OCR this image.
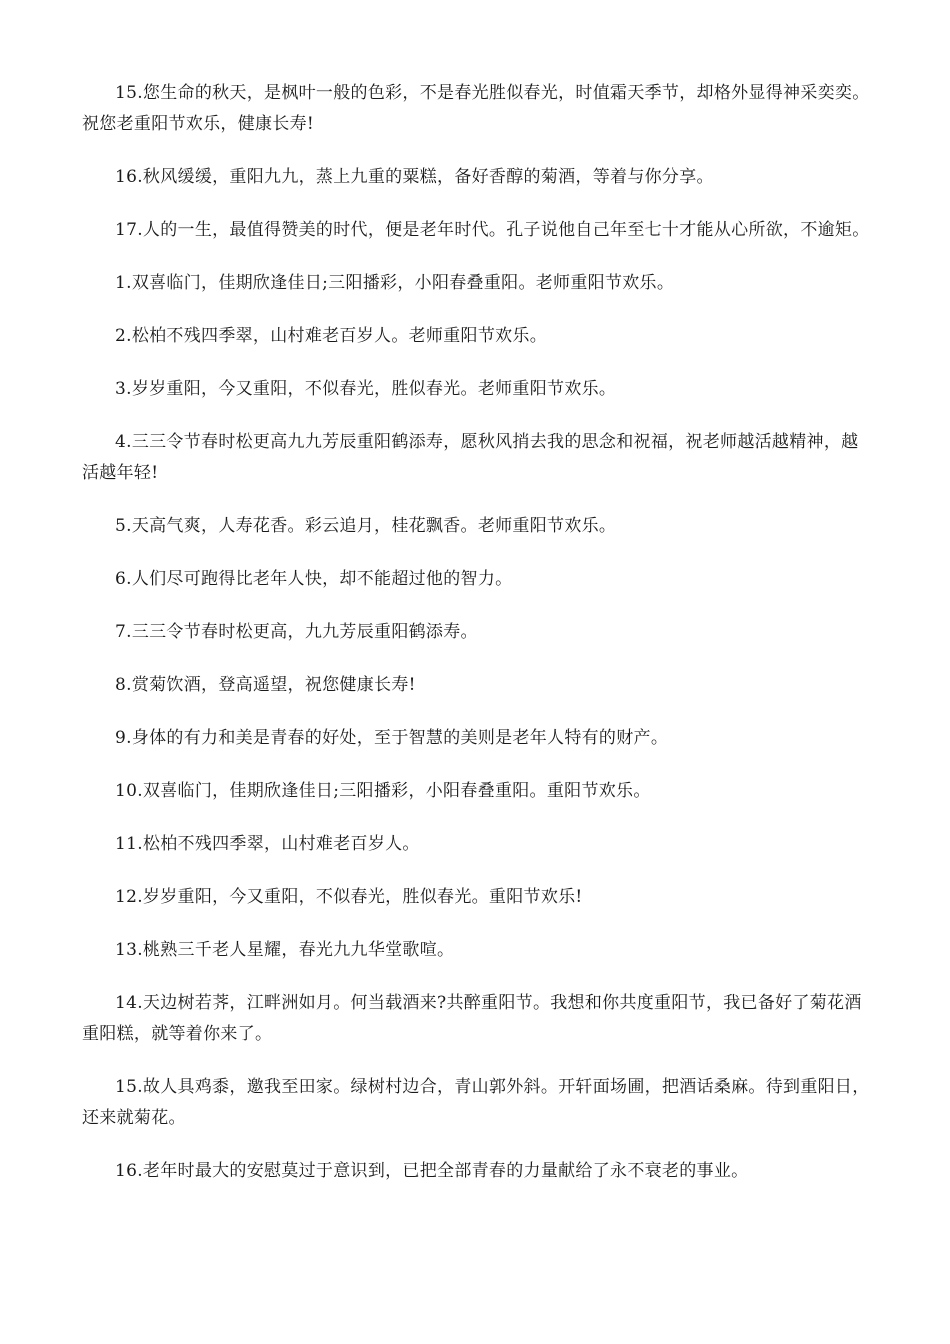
15.您生命的秋天，是枫叶一般的色彩，不是春光胜似春光，时值霜天季节，却格外显得神采奕奕。祝您老重阳节欢乐，健康长寿!

16.秋风缓缓，重阳九九，蒸上九重的粟糕，备好香醇的菊酒，等着与你分享。

17.人的一生，最值得赞美的时代，便是老年时代。孔子说他自己年至七十才能从心所欲，不逾矩。

1.双喜临门，佳期欣逢佳日;三阳播彩，小阳春叠重阳。老师重阳节欢乐。

2.松柏不残四季翠，山村难老百岁人。老师重阳节欢乐。

3.岁岁重阳，今又重阳，不似春光，胜似春光。老师重阳节欢乐。

4.三三令节春时松更高九九芳辰重阳鹤添寿，愿秋风捎去我的思念和祝福，祝老师越活越精神，越活越年轻!

5.天高气爽，人寿花香。彩云追月，桂花飘香。老师重阳节欢乐。

6.人们尽可跑得比老年人快，却不能超过他的智力。

7.三三令节春时松更高，九九芳辰重阳鹤添寿。

8.赏菊饮酒，登高遥望，祝您健康长寿!

9.身体的有力和美是青春的好处，至于智慧的美则是老年人特有的财产。

10.双喜临门，佳期欣逢佳日;三阳播彩，小阳春叠重阳。重阳节欢乐。

11.松柏不残四季翠，山村难老百岁人。

12.岁岁重阳，今又重阳，不似春光，胜似春光。重阳节欢乐!

13.桃熟三千老人星耀，春光九九华堂歌喧。

14.天边树若荠，江畔洲如月。何当载酒来?共醉重阳节。我想和你共度重阳节，我已备好了菊花酒重阳糕，就等着你来了。

15.故人具鸡黍，邀我至田家。绿树村边合，青山郭外斜。开轩面场圃，把酒话桑麻。待到重阳日，还来就菊花。

16.老年时最大的安慰莫过于意识到，已把全部青春的力量献给了永不衰老的事业。
